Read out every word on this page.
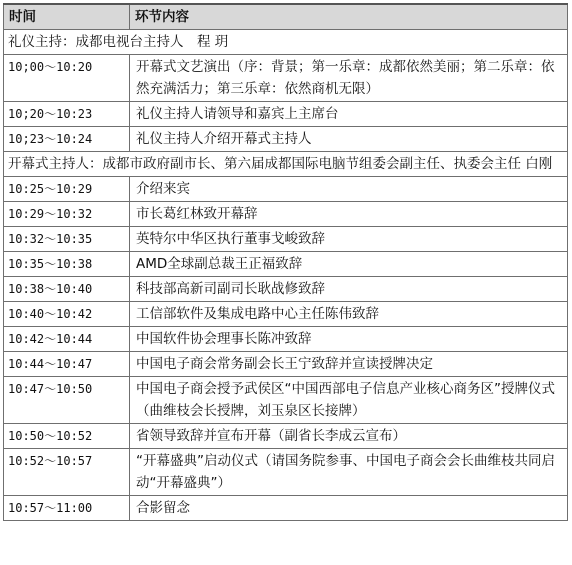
时间	环节内容
礼仪主持：成都电视台主持人　程 玥	
10;00～10:20	开幕式文艺演出（序：背景；第一乐章：成都依然美丽；第二乐章：依然充满活力；第三乐章：依然商机无限）
10;20～10:23	礼仪主持人请领导和嘉宾上主席台
10;23～10:24	礼仪主持人介绍开幕式主持人
开幕式主持人：成都市政府副市长、第六届成都国际电脑节组委会副主任、执委会主任 白刚	
10:25～10:29	介绍来宾
10:29～10:32	市长葛红林致开幕辞
10:32～10:35	英特尔中华区执行董事戈峻致辞
10:35～10:38	AMD全球副总裁王正福致辞
10:38～10:40	科技部高新司副司长耿战修致辞
10:40～10:42	工信部软件及集成电路中心主任陈伟致辞
10:42～10:44	中国软件协会理事长陈冲致辞
10:44～10:47	中国电子商会常务副会长王宁致辞并宣读授牌决定
10:47～10:50	中国电子商会授予武侯区“中国西部电子信息产业核心商务区”授牌仪式（曲维枝会长授牌，刘玉泉区长接牌）
10:50～10:52	省领导致辞并宣布开幕（副省长李成云宣布）
10:52～10:57	“开幕盛典”启动仪式（请国务院参事、中国电子商会会长曲维枝共同启动“开幕盛典”）
10:57～11:00	合影留念
